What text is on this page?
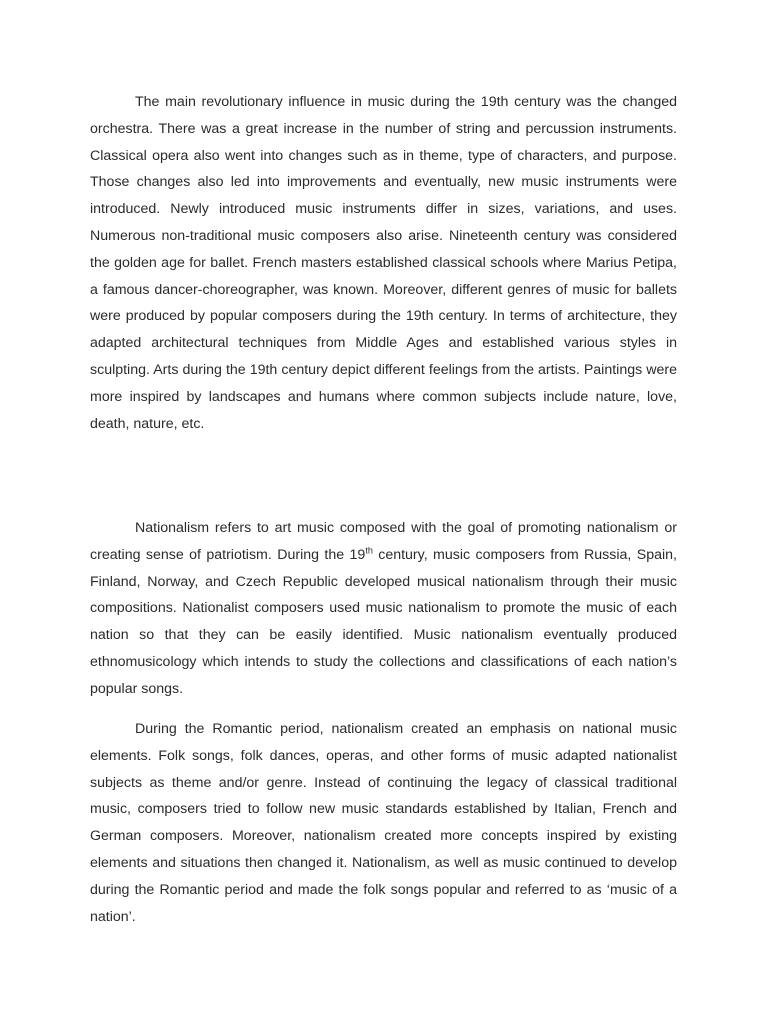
The main revolutionary influence in music during the 19th century was the changed orchestra. There was a great increase in the number of string and percussion instruments. Classical opera also went into changes such as in theme, type of characters, and purpose. Those changes also led into improvements and eventually, new music instruments were introduced. Newly introduced music instruments differ in sizes, variations, and uses. Numerous non-traditional music composers also arise. Nineteenth century was considered the golden age for ballet. French masters established classical schools where Marius Petipa, a famous dancer-choreographer, was known. Moreover, different genres of music for ballets were produced by popular composers during the 19th century. In terms of architecture, they adapted architectural techniques from Middle Ages and established various styles in sculpting. Arts during the 19th century depict different feelings from the artists. Paintings were more inspired by landscapes and humans where common subjects include nature, love, death, nature, etc.

Nationalism refers to art music composed with the goal of promoting nationalism or creating sense of patriotism. During the 19th century, music composers from Russia, Spain, Finland, Norway, and Czech Republic developed musical nationalism through their music compositions. Nationalist composers used music nationalism to promote the music of each nation so that they can be easily identified. Music nationalism eventually produced ethnomusicology which intends to study the collections and classifications of each nation’s popular songs.

During the Romantic period, nationalism created an emphasis on national music elements. Folk songs, folk dances, operas, and other forms of music adapted nationalist subjects as theme and/or genre. Instead of continuing the legacy of classical traditional music, composers tried to follow new music standards established by Italian, French and German composers. Moreover, nationalism created more concepts inspired by existing elements and situations then changed it. Nationalism, as well as music continued to develop during the Romantic period and made the folk songs popular and referred to as ‘music of a nation’.
